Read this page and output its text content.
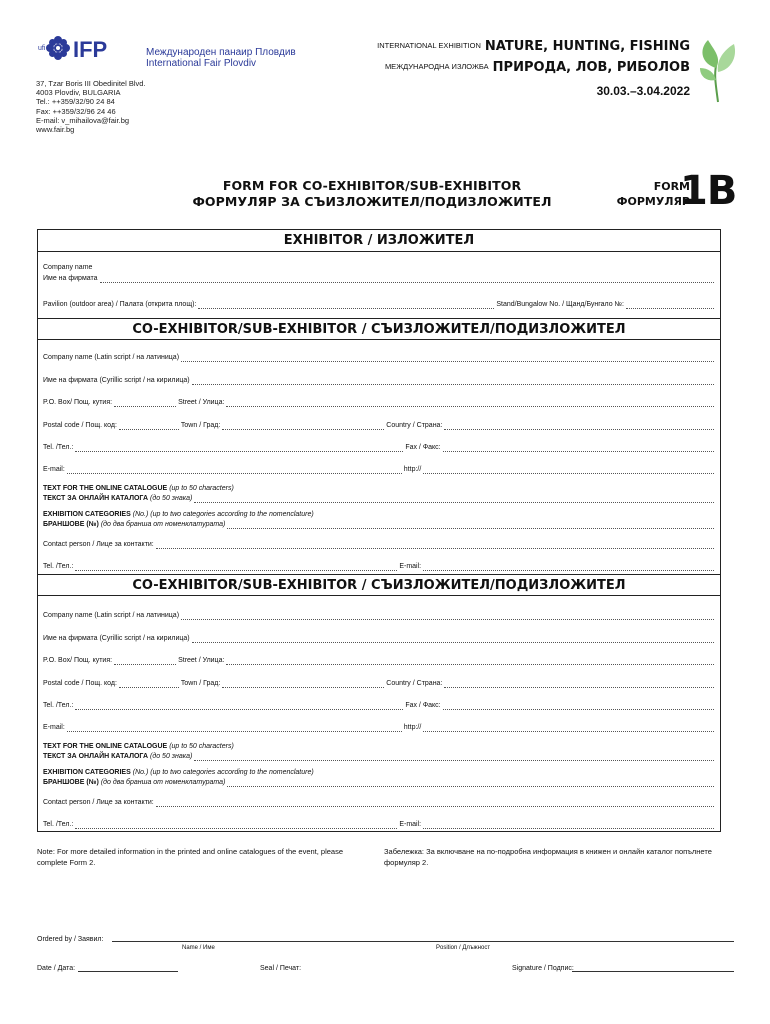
ufi IFP	Международен панаир Пловдив
International Fair Plovdiv
37, Tzar Boris III Obedinitel Blvd.
4003 Plovdiv, BULGARIA
Tel.: ++359/32/90 24 84
Fax: ++359/32/96 24 46
E-mail: v_mihailova@fair.bg
www.fair.bg
INTERNATIONAL EXHIBITION NATURE, HUNTING, FISHING
МЕЖДУНАРОДНА ИЗЛОЖБА ПРИРОДА, ЛОВ, РИБОЛОВ
30.03.–3.04.2022
FORM FOR CO-EXHIBITOR/SUB-EXHIBITOR
ФОРМУЛЯР ЗА СЪИЗЛОЖИТЕЛ/ПОДИЗЛОЖИТЕЛ
FORM
ФОРМУЛЯР
1B
EXHIBITOR / ИЗЛОЖИТЕЛ
Company name
Име на фирмата
Pavilion (outdoor area) / Палата (открита площ):	Stand/Bungalow No. / Щанд/Бунгало №:
CO-EXHIBITOR/SUB-EXHIBITOR / СЪИЗЛОЖИТЕЛ/ПОДИЗЛОЖИТЕЛ
Company name (Latin script / на латиница)
Име на фирмата (Cyrillic script / на кирилица)
P.O. Box/ Пощ. кутия:	Street / Улица:
Postal code / Пощ. код:	Town / Град:	Country / Страна:
Tel. /Тел.:	Fax / Факс:
E-mail:	http://
TEXT FOR THE ONLINE CATALOGUE (up to 50 characters)
ТЕКСТ ЗА ОНЛАЙН КАТАЛОГА (до 50 знака)
EXHIBITION CATEGORIES (No.) (up to two categories according to the nomenclature)
БРАНШОВЕ (№) (до два бранша от номенклатурата)
Contact person / Лице за контакти:
Tel. /Тел.:	E-mail:
CO-EXHIBITOR/SUB-EXHIBITOR / СЪИЗЛОЖИТЕЛ/ПОДИЗЛОЖИТЕЛ
Company name (Latin script / на латиница)
Име на фирмата (Cyrillic script / на кирилица)
P.O. Box/ Пощ. кутия:	Street / Улица:
Postal code / Пощ. код:	Town / Град:	Country / Страна:
Tel. /Тел.:	Fax / Факс:
E-mail:	http://
TEXT FOR THE ONLINE CATALOGUE (up to 50 characters)
ТЕКСТ ЗА ОНЛАЙН КАТАЛОГА (до 50 знака)
EXHIBITION CATEGORIES (No.) (up to two categories according to the nomenclature)
БРАНШОВЕ (№) (до два бранша от номенклатурата)
Contact person / Лице за контакти:
Tel. /Тел.:	E-mail:
Note: For more detailed information in the printed and online catalogues of the event, please complete Form 2.
Забележка: За включване на по-подробна информация в книжен и онлайн каталог попълнете формуляр 2.
Ordered by / Заявил:
Name / Име	Position / Длъжност
Date / Дата:	Seal / Печат:	Signature / Подпис:
